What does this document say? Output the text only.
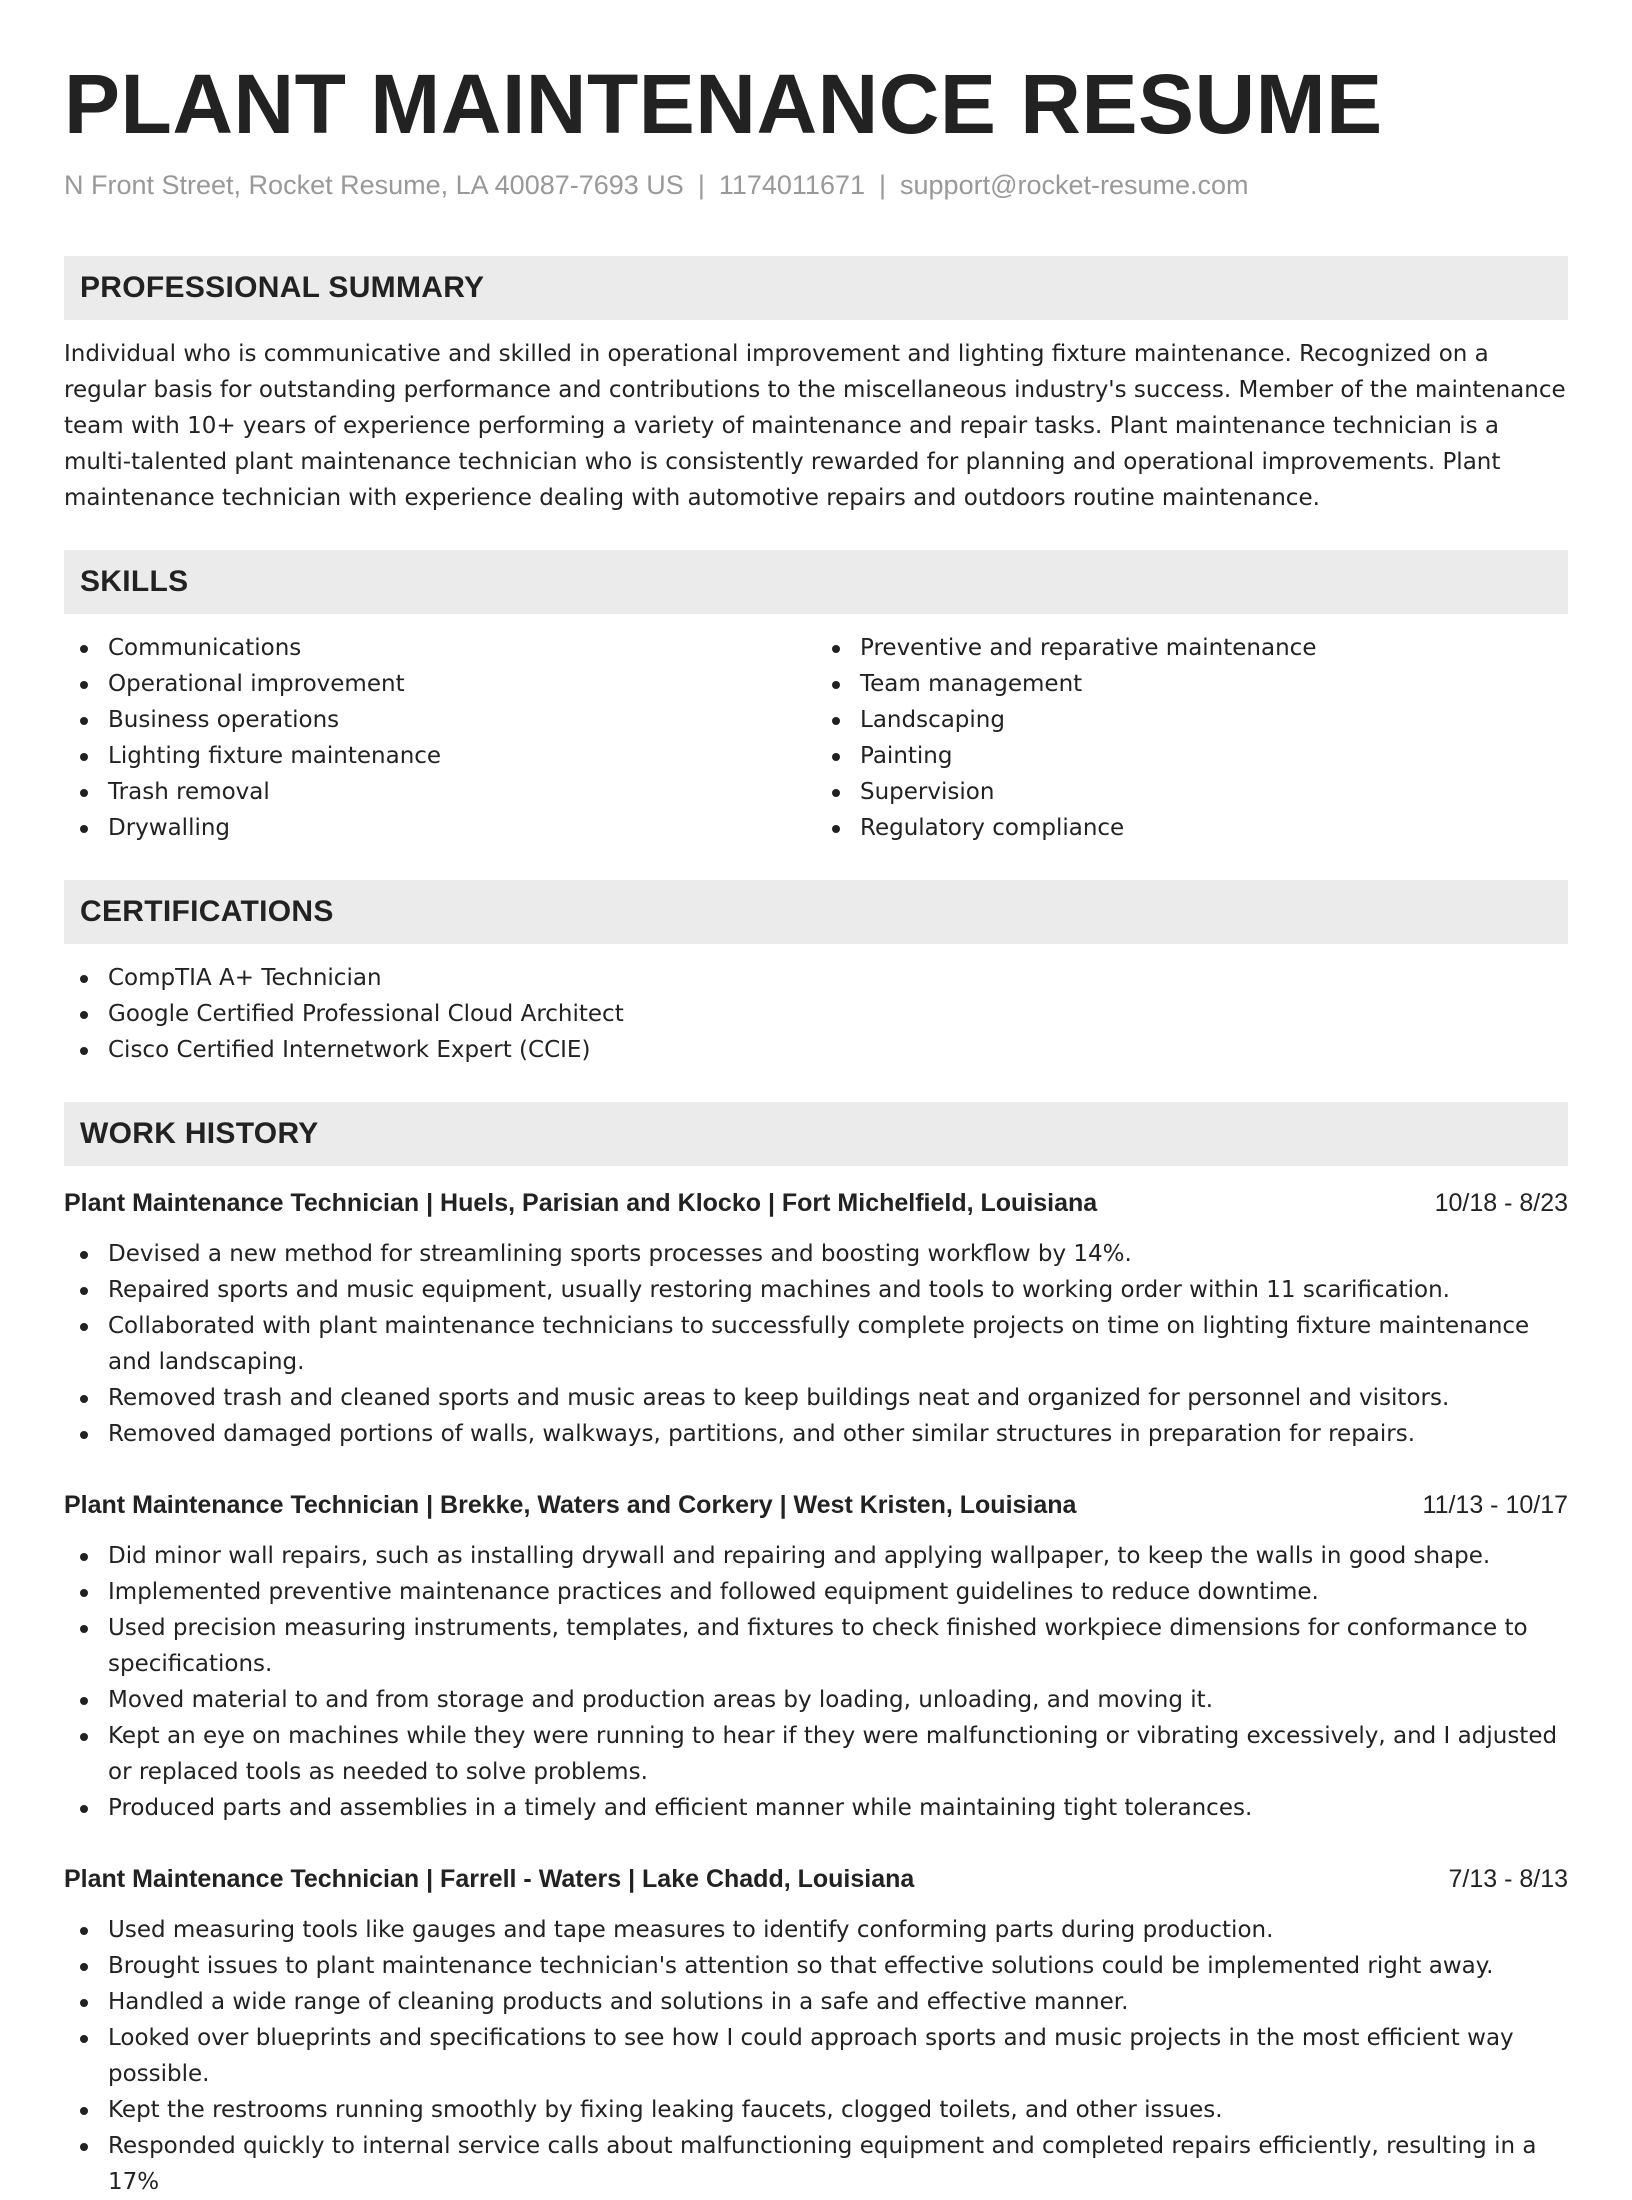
PLANT MAINTENANCE RESUME
N Front Street, Rocket Resume, LA 40087-7693 US | 1174011671 | support@rocket-resume.com
PROFESSIONAL SUMMARY

Individual who is communicative and skilled in operational improvement and lighting fixture maintenance. Recognized on a regular basis for outstanding performance and contributions to the miscellaneous industry's success. Member of the maintenance team with 10+ years of experience performing a variety of maintenance and repair tasks. Plant maintenance technician is a multi-talented plant maintenance technician who is consistently rewarded for planning and operational improvements. Plant maintenance technician with experience dealing with automotive repairs and outdoors routine maintenance.

SKILLS
Communications
Operational improvement
Business operations
Lighting fixture maintenance
Trash removal
Drywalling
Preventive and reparative maintenance
Team management
Landscaping
Painting
Supervision
Regulatory compliance
CERTIFICATIONS
CompTIA A+ Technician
Google Certified Professional Cloud Architect
Cisco Certified Internetwork Expert (CCIE)
WORK HISTORY
Plant Maintenance Technician | Huels, Parisian and Klocko | Fort Michelfield, Louisiana	10/18 - 8/23
Devised a new method for streamlining sports processes and boosting workflow by 14%.
Repaired sports and music equipment, usually restoring machines and tools to working order within 11 scarification.
Collaborated with plant maintenance technicians to successfully complete projects on time on lighting fixture maintenance and landscaping.
Removed trash and cleaned sports and music areas to keep buildings neat and organized for personnel and visitors.
Removed damaged portions of walls, walkways, partitions, and other similar structures in preparation for repairs.
Plant Maintenance Technician | Brekke, Waters and Corkery | West Kristen, Louisiana	11/13 - 10/17
Did minor wall repairs, such as installing drywall and repairing and applying wallpaper, to keep the walls in good shape.
Implemented preventive maintenance practices and followed equipment guidelines to reduce downtime.
Used precision measuring instruments, templates, and fixtures to check finished workpiece dimensions for conformance to specifications.
Moved material to and from storage and production areas by loading, unloading, and moving it.
Kept an eye on machines while they were running to hear if they were malfunctioning or vibrating excessively, and I adjusted or replaced tools as needed to solve problems.
Produced parts and assemblies in a timely and efficient manner while maintaining tight tolerances.
Plant Maintenance Technician | Farrell - Waters | Lake Chadd, Louisiana	7/13 - 8/13
Used measuring tools like gauges and tape measures to identify conforming parts during production.
Brought issues to plant maintenance technician's attention so that effective solutions could be implemented right away.
Handled a wide range of cleaning products and solutions in a safe and effective manner.
Looked over blueprints and specifications to see how I could approach sports and music projects in the most efficient way possible.
Kept the restrooms running smoothly by fixing leaking faucets, clogged toilets, and other issues.
Responded quickly to internal service calls about malfunctioning equipment and completed repairs efficiently, resulting in a 17%
